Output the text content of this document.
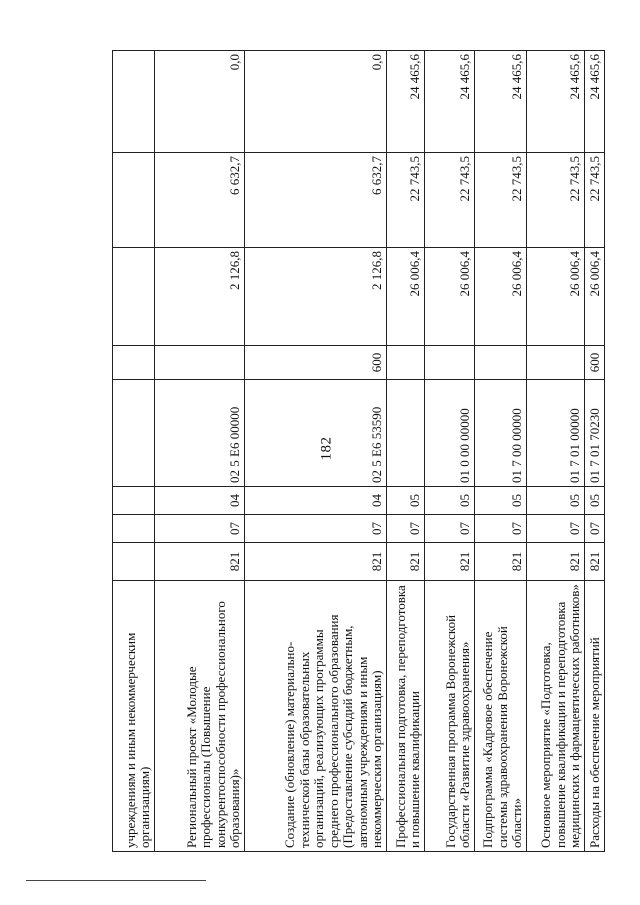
182
учреждениям и иным некоммерческим организациям)								
Региональный проект «Молодые профессионалы (Повышение конкурентоспособности профессионального образования)»	821	07	04	02 5 Е6 00000		2 126,8	6 632,7	0,0
Создание (обновление) материально-технической базы образовательных организаций, реализующих программы среднего профессионального образования (Предоставление субсидий бюджетным, автономным учреждениям и иным некоммерческим организациям)	821	07	04	02 5 Е6 53590	600	2 126,8	6 632,7	0,0
Профессиональная подготовка, переподготовка и повышение квалификации	821	07	05			26 006,4	22 743,5	24 465,6
Государственная программа Воронежской области «Развитие здравоохранения»	821	07	05	01 0 00 00000		26 006,4	22 743,5	24 465,6
Подпрограмма «Кадровое обеспечение системы здравоохранения Воронежской области»	821	07	05	01 7 00 00000		26 006,4	22 743,5	24 465,6
Основное мероприятие «Подготовка, повышение квалификации и переподготовка медицинских и фармацевтических работников»	821	07	05	01 7 01 00000		26 006,4	22 743,5	24 465,6
Расходы на обеспечение мероприятий	821	07	05	01 7 01 70230	600	26 006,4	22 743,5	24 465,6
